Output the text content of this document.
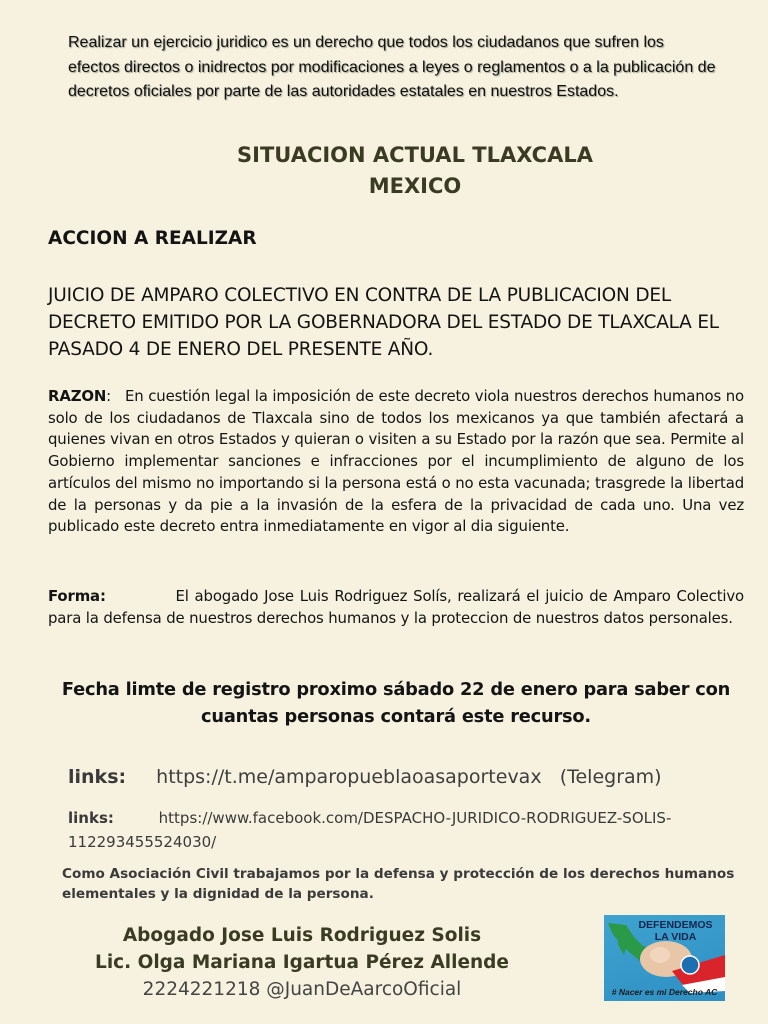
Realizar un ejercicio juridico es un derecho que todos los ciudadanos que sufren los efectos directos o inidrectos por modificaciones a leyes o reglamentos o a la publicación de decretos oficiales por parte de las autoridades estatales en nuestros Estados.
SITUACION ACTUAL TLAXCALA
MEXICO
ACCION A REALIZAR
JUICIO DE AMPARO COLECTIVO EN CONTRA DE LA PUBLICACION DEL DECRETO EMITIDO POR LA GOBERNADORA DEL ESTADO DE TLAXCALA EL PASADO 4 DE ENERO DEL PRESENTE AÑO.
RAZON:   En cuestión legal la imposición de este decreto viola nuestros derechos humanos no solo de los ciudadanos de Tlaxcala sino de todos los mexicanos ya que también afectará a quienes vivan en otros Estados y quieran o visiten a su Estado por la razón que sea. Permite al Gobierno implementar sanciones e infracciones por el incumplimiento de alguno de los artículos del mismo no importando si la persona está o no esta vacunada; trasgrede la libertad de la personas y da pie a la invasión de la esfera de la privacidad de cada uno. Una vez publicado este decreto entra inmediatamente en vigor al dia siguiente.
Forma:	El abogado Jose Luis Rodriguez Solís, realizará el juicio de Amparo Colectivo para la defensa de nuestros derechos humanos y la proteccion de nuestros datos personales.
Fecha limte de registro proximo sábado 22 de enero para saber con
cuantas personas contará este recurso.
links: https://t.me/amparopueblaoasaportevax (Telegram)
links:	https://www.facebook.com/DESPACHO-JURIDICO-RODRIGUEZ-SOLIS-112293455524030/
Como Asociación Civil trabajamos por la defensa y protección de los derechos humanos elementales y la dignidad de la persona.
Abogado Jose Luis Rodriguez Solis
Lic. Olga Mariana Igartua Pérez Allende
2224221218 @JuanDeAarcoOficial
DEFENDEMOS
LA VIDA
# Nacer es mi Derecho AC
